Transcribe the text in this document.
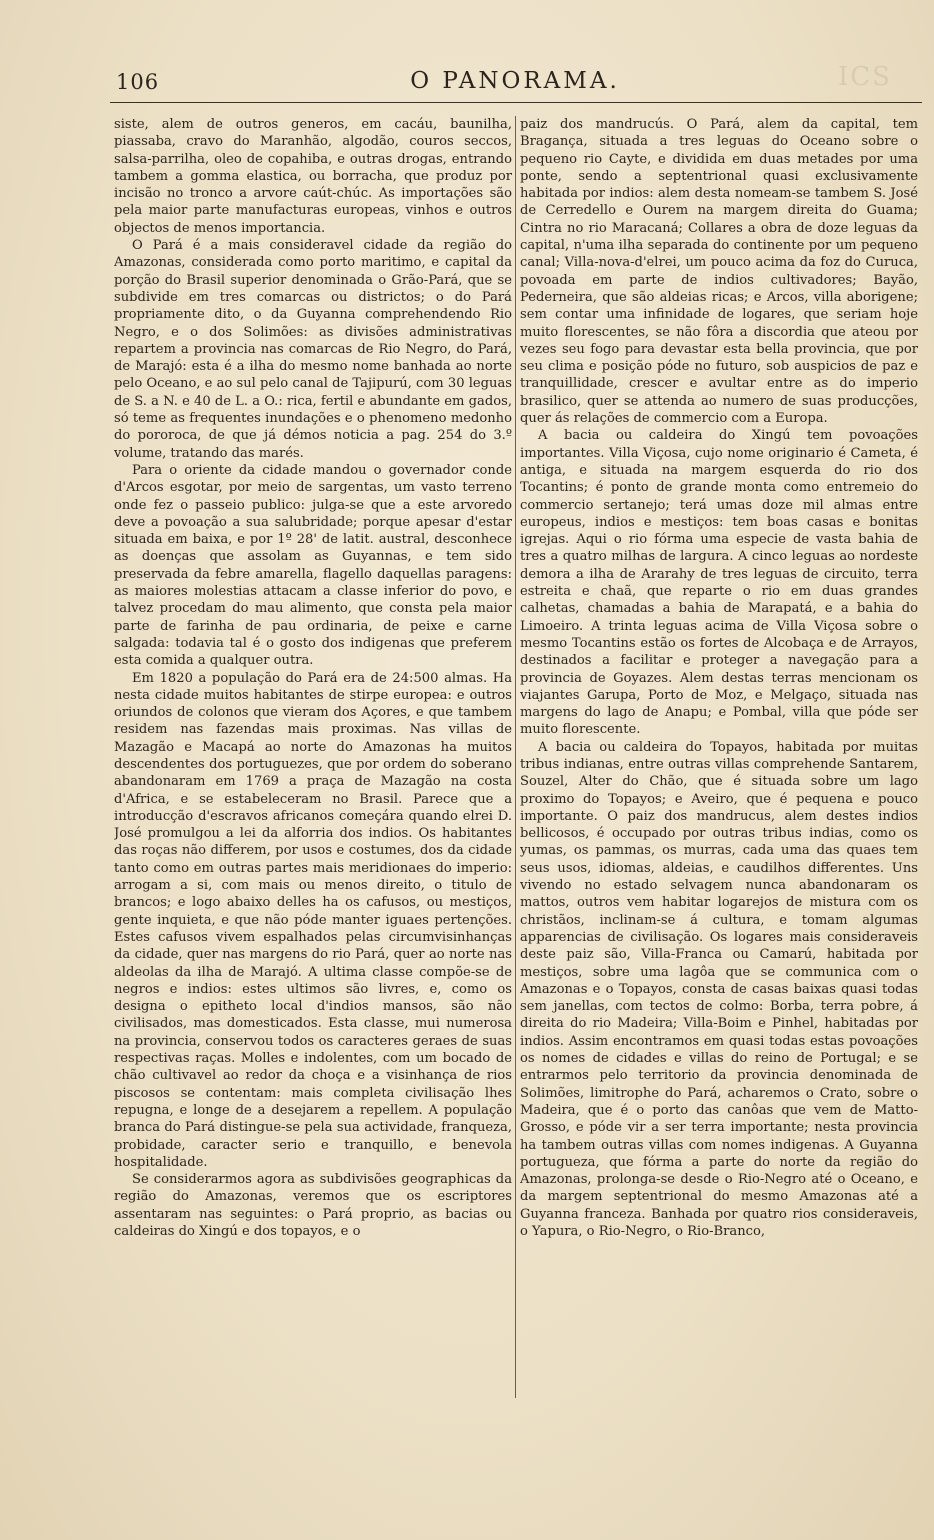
ICS
106	O PANORAMA.

siste, alem de outros generos, em cacáu, baunilha, piassaba, cravo do Maranhão, algodão, couros seccos, salsa-parrilha, oleo de copahiba, e outras drogas, entrando tambem a gomma elastica, ou borracha, que produz por incisão no tronco a arvore caút-chúc. As importações são pela maior parte manufacturas europeas, vinhos e outros objectos de menos importancia.

O Pará é a mais consideravel cidade da região do Amazonas, considerada como porto maritimo, e capital da porção do Brasil superior denominada o Grão-Pará, que se subdivide em tres comarcas ou districtos; o do Pará propriamente dito, o da Guyanna comprehendendo Rio Negro, e o dos Solimões: as divisões administrativas repartem a provincia nas comarcas de Rio Negro, do Pará, de Marajó: esta é a ilha do mesmo nome banhada ao norte pelo Oceano, e ao sul pelo canal de Tajipurú, com 30 leguas de S. a N. e 40 de L. a O.: rica, fertil e abundante em gados, só teme as frequentes inundações e o phenomeno medonho do pororoca, de que já démos noticia a pag. 254 do 3.º volume, tratando das marés.

Para o oriente da cidade mandou o governador conde d'Arcos esgotar, por meio de sargentas, um vasto terreno onde fez o passeio publico: julga-se que a este arvoredo deve a povoação a sua salubridade; porque apesar d'estar situada em baixa, e por 1º 28' de latit. austral, desconhece as doenças que assolam as Guyannas, e tem sido preservada da febre amarella, flagello daquellas paragens: as maiores molestias attacam a classe inferior do povo, e talvez procedam do mau alimento, que consta pela maior parte de farinha de pau ordinaria, de peixe e carne salgada: todavia tal é o gosto dos indigenas que preferem esta comida a qualquer outra.

Em 1820 a população do Pará era de 24:500 almas. Ha nesta cidade muitos habitantes de stirpe europea: e outros oriundos de colonos que vieram dos Açores, e que tambem residem nas fazendas mais proximas. Nas villas de Mazagão e Macapá ao norte do Amazonas ha muitos descendentes dos portuguezes, que por ordem do soberano abandonaram em 1769 a praça de Mazagão na costa d'Africa, e se estabeleceram no Brasil. Parece que a introducção d'escravos africanos começára quando elrei D. José promulgou a lei da alforria dos indios. Os habitantes das roças não differem, por usos e costumes, dos da cidade tanto como em outras partes mais meridionaes do imperio: arrogam a si, com mais ou menos direito, o titulo de brancos; e logo abaixo delles ha os cafusos, ou mestiços, gente inquieta, e que não póde manter iguaes pertenções. Estes cafusos vivem espalhados pelas circumvisinhanças da cidade, quer nas margens do rio Pará, quer ao norte nas aldeolas da ilha de Marajó. A ultima classe compõe-se de negros e indios: estes ultimos são livres, e, como os designa o epitheto local d'indios mansos, são não civilisados, mas domesticados. Esta classe, mui numerosa na provincia, conservou todos os caracteres geraes de suas respectivas raças. Molles e indolentes, com um bocado de chão cultivavel ao redor da choça e a visinhança de rios piscosos se contentam: mais completa civilisação lhes repugna, e longe de a desejarem a repellem. A população branca do Pará distingue-se pela sua actividade, franqueza, probidade, caracter serio e tranquillo, e benevola hospitalidade.

Se considerarmos agora as subdivisões geographicas da região do Amazonas, veremos que os escriptores assentaram nas seguintes: o Pará proprio, as bacias ou caldeiras do Xingú e dos topayos, e o

paiz dos mandrucús. O Pará, alem da capital, tem Bragança, situada a tres leguas do Oceano sobre o pequeno rio Cayte, e dividida em duas metades por uma ponte, sendo a septentrional quasi exclusivamente habitada por indios: alem desta nomeam-se tambem S. José de Cerredello e Ourem na margem direita do Guama; Cintra no rio Maracaná; Collares a obra de doze leguas da capital, n'uma ilha separada do continente por um pequeno canal; Villa-nova-d'elrei, um pouco acima da foz do Curuca, povoada em parte de indios cultivadores; Bayão, Pederneira, que são aldeias ricas; e Arcos, villa aborigene; sem contar uma infinidade de logares, que seriam hoje muito florescentes, se não fôra a discordia que ateou por vezes seu fogo para devastar esta bella provincia, que por seu clima e posição póde no futuro, sob auspicios de paz e tranquillidade, crescer e avultar entre as do imperio brasilico, quer se attenda ao numero de suas producções, quer ás relações de commercio com a Europa.

A bacia ou caldeira do Xingú tem povoações importantes. Villa Viçosa, cujo nome originario é Cameta, é antiga, e situada na margem esquerda do rio dos Tocantins; é ponto de grande monta como entremeio do commercio sertanejo; terá umas doze mil almas entre europeus, indios e mestiços: tem boas casas e bonitas igrejas. Aqui o rio fórma uma especie de vasta bahia de tres a quatro milhas de largura. A cinco leguas ao nordeste demora a ilha de Ararahy de tres leguas de circuito, terra estreita e chaã, que reparte o rio em duas grandes calhetas, chamadas a bahia de Marapatá, e a bahia do Limoeiro. A trinta leguas acima de Villa Viçosa sobre o mesmo Tocantins estão os fortes de Alcobaça e de Arrayos, destinados a facilitar e proteger a navegação para a provincia de Goyazes. Alem destas terras mencionam os viajantes Garupa, Porto de Moz, e Melgaço, situada nas margens do lago de Anapu; e Pombal, villa que póde ser muito florescente.

A bacia ou caldeira do Topayos, habitada por muitas tribus indianas, entre outras villas comprehende Santarem, Souzel, Alter do Chão, que é situada sobre um lago proximo do Topayos; e Aveiro, que é pequena e pouco importante. O paiz dos mandrucus, alem destes indios bellicosos, é occupado por outras tribus indias, como os yumas, os pammas, os murras, cada uma das quaes tem seus usos, idiomas, aldeias, e caudilhos differentes. Uns vivendo no estado selvagem nunca abandonaram os mattos, outros vem habitar logarejos de mistura com os christãos, inclinam-se á cultura, e tomam algumas apparencias de civilisação. Os logares mais consideraveis deste paiz são, Villa-Franca ou Camarú, habitada por mestiços, sobre uma lagôa que se communica com o Amazonas e o Topayos, consta de casas baixas quasi todas sem janellas, com tectos de colmo: Borba, terra pobre, á direita do rio Madeira; Villa-Boim e Pinhel, habitadas por indios. Assim encontramos em quasi todas estas povoações os nomes de cidades e villas do reino de Portugal; e se entrarmos pelo territorio da provincia denominada de Solimões, limitrophe do Pará, acharemos o Crato, sobre o Madeira, que é o porto das canôas que vem de Matto-Grosso, e póde vir a ser terra importante; nesta provincia ha tambem outras villas com nomes indigenas. A Guyanna portugueza, que fórma a parte do norte da região do Amazonas, prolonga-se desde o Rio-Negro até o Oceano, e da margem septentrional do mesmo Amazonas até a Guyanna franceza. Banhada por quatro rios consideraveis, o Yapura, o Rio-Negro, o Rio-Branco,
